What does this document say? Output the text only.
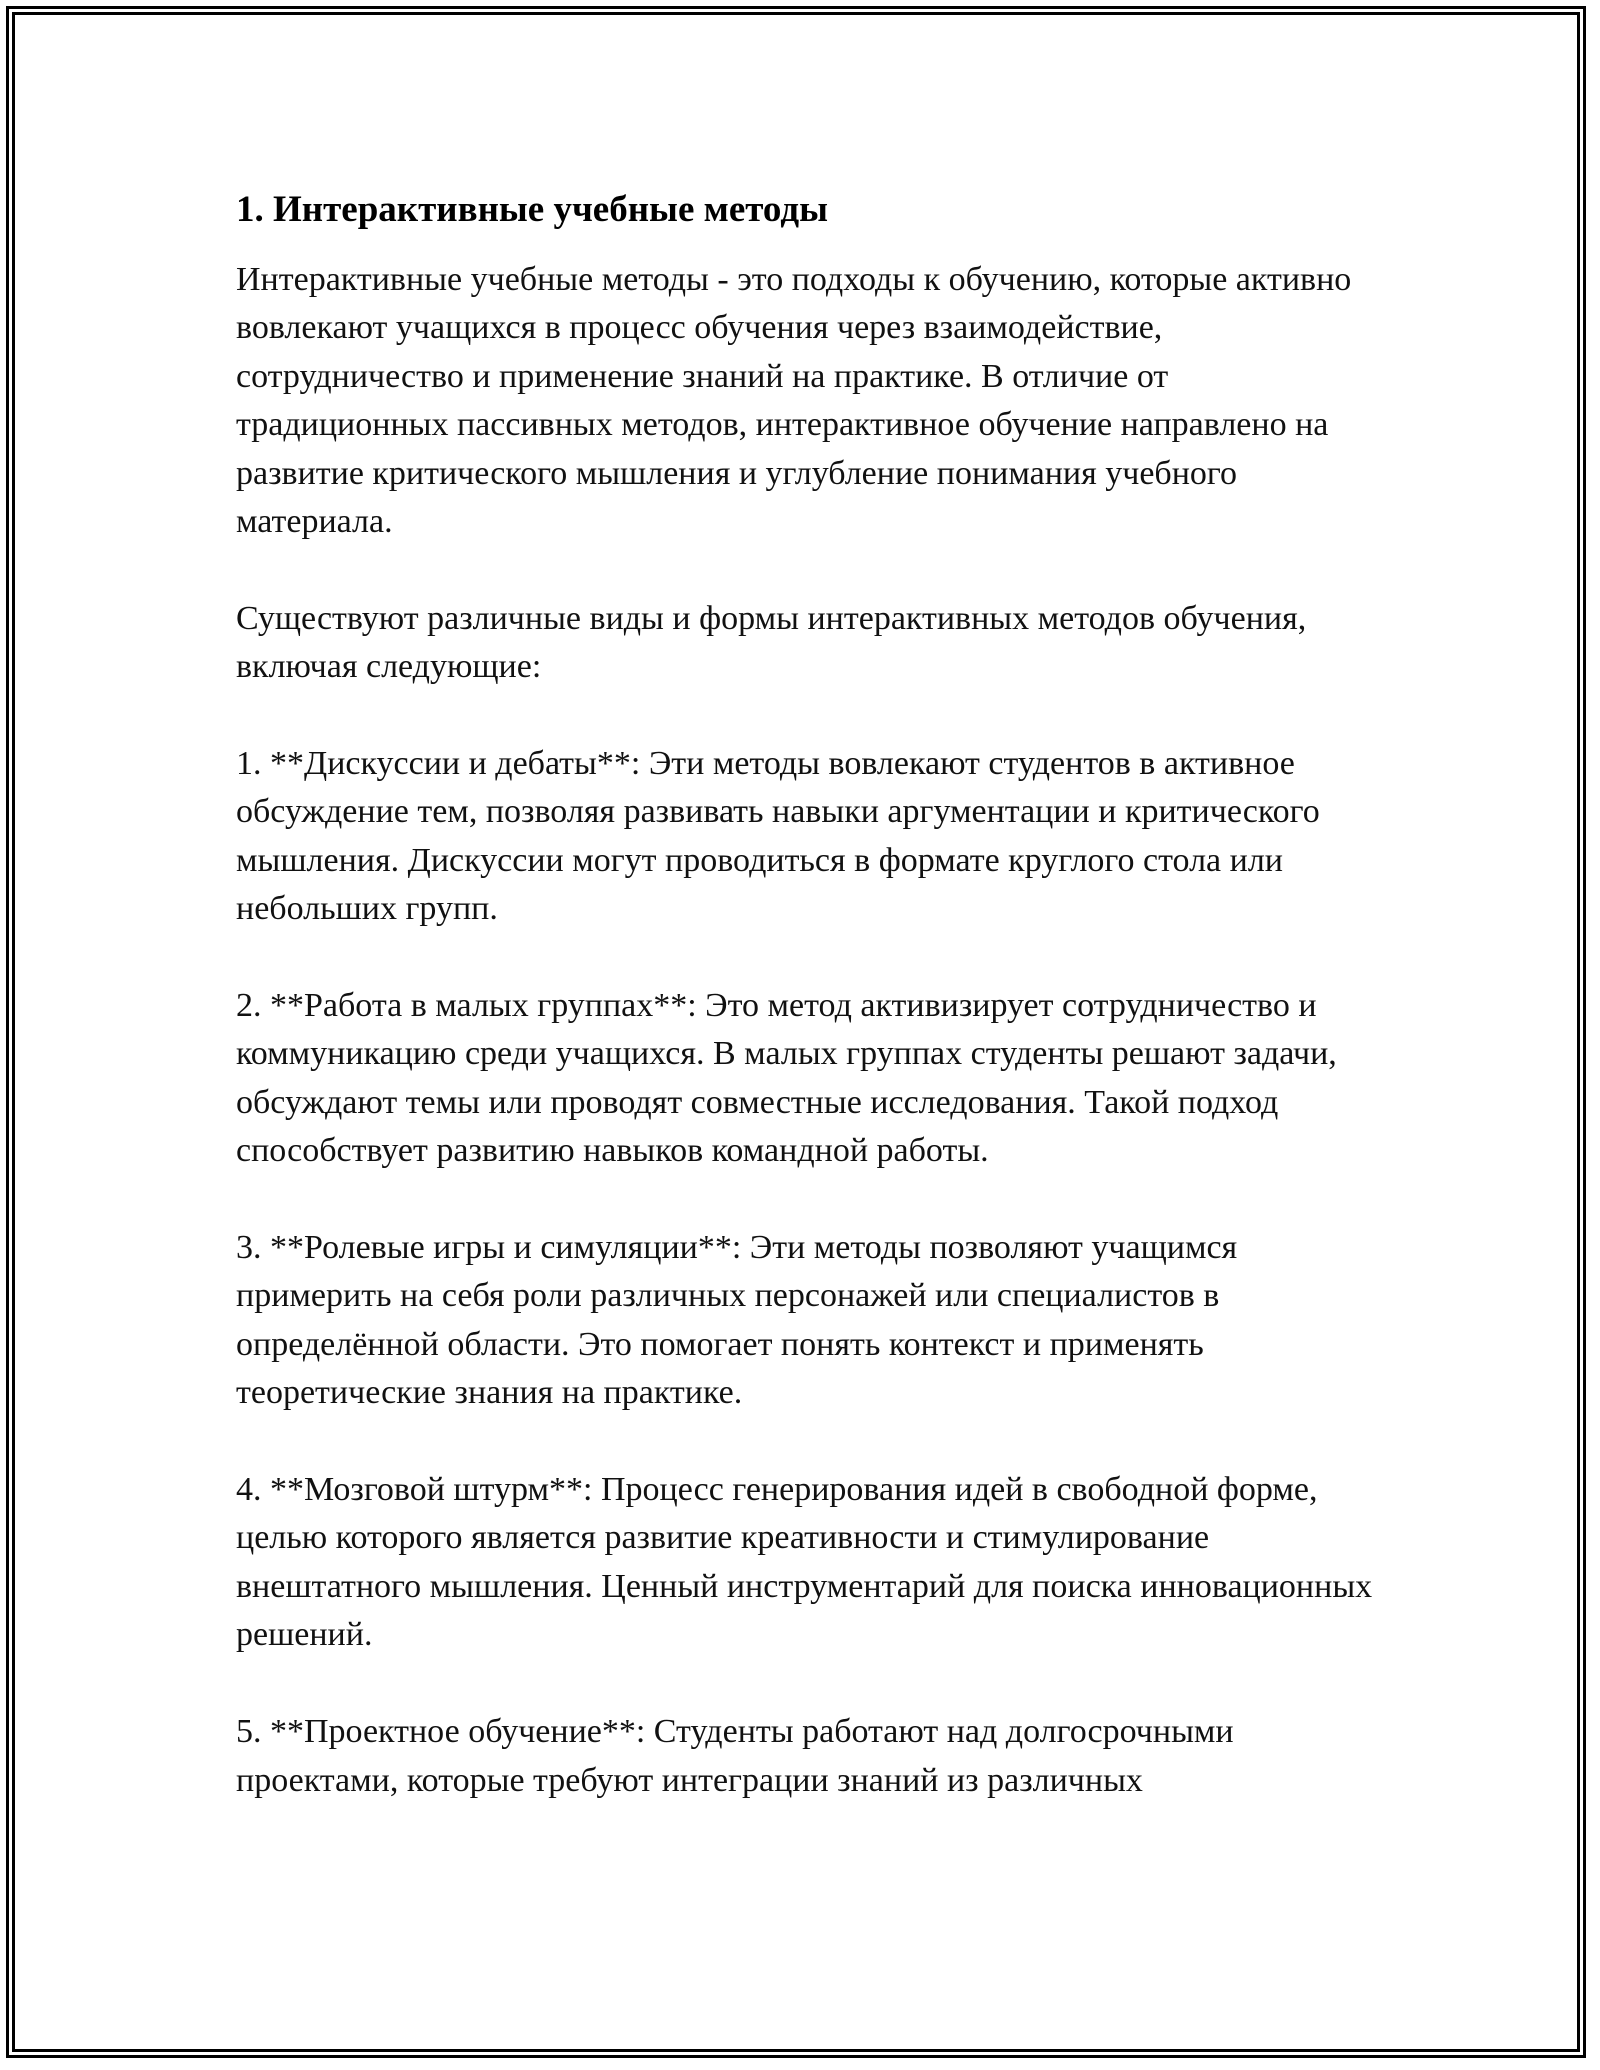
1. Интерактивные учебные методы
Интерактивные учебные методы - это подходы к обучению, которые активно вовлекают учащихся в процесс обучения через взаимодействие, сотрудничество и применение знаний на практике. В отличие от традиционных пассивных методов, интерактивное обучение направлено на развитие критического мышления и углубление понимания учебного материала.
Существуют различные виды и формы интерактивных методов обучения, включая следующие:
1. **Дискуссии и дебаты**: Эти методы вовлекают студентов в активное обсуждение тем, позволяя развивать навыки аргументации и критического мышления. Дискуссии могут проводиться в формате круглого стола или небольших групп.
2. **Работа в малых группах**: Это метод активизирует сотрудничество и коммуникацию среди учащихся. В малых группах студенты решают задачи, обсуждают темы или проводят совместные исследования. Такой подход способствует развитию навыков командной работы.
3. **Ролевые игры и симуляции**: Эти методы позволяют учащимся примерить на себя роли различных персонажей или специалистов в определённой области. Это помогает понять контекст и применять теоретические знания на практике.
4. **Мозговой штурм**: Процесс генерирования идей в свободной форме, целью которого является развитие креативности и стимулирование внештатного мышления. Ценный инструментарий для поиска инновационных решений.
5. **Проектное обучение**: Студенты работают над долгосрочными проектами, которые требуют интеграции знаний из различных
